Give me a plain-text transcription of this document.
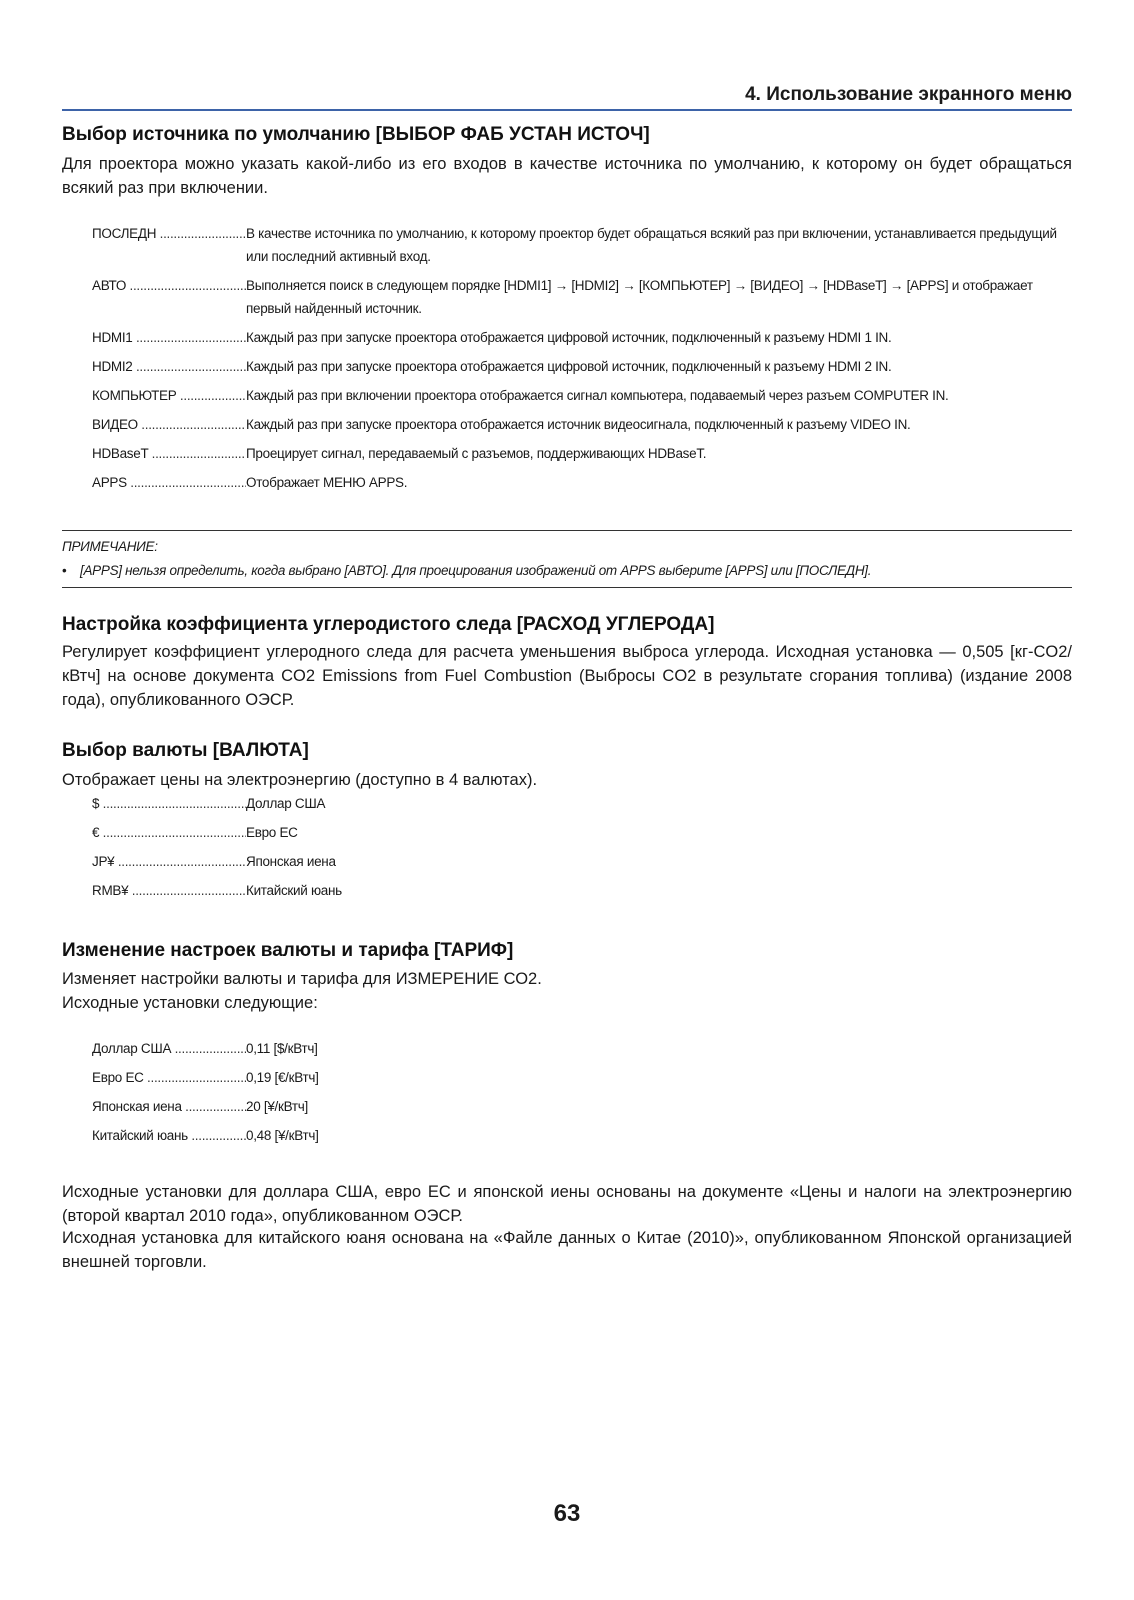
4. Использование экранного меню
Выбор источника по умолчанию [ВЫБОР ФАБ УСТАН ИСТОЧ]

Для проектора можно указать какой-либо из его входов в качестве источника по умолчанию, к которому он будет обращаться всякий раз при включении.

ПОСЛЕДН .....	В качестве источника по умолчанию, к которому проектор будет обращаться всякий раз при включении, устанавливается предыдущий или последний активный вход.
АВТО .....	Выполняется поиск в следующем порядке [HDMI1] → [HDMI2] → [КОМПЬЮТЕР] → [ВИДЕО] → [HDBaseT] → [APPS] и отображает первый найденный источник.
HDMI1 .....	Каждый раз при запуске проектора отображается цифровой источник, подключенный к разъему HDMI 1 IN.
HDMI2 .....	Каждый раз при запуске проектора отображается цифровой источник, подключенный к разъему HDMI 2 IN.
КОМПЬЮТЕР .....	Каждый раз при включении проектора отображается сигнал компьютера, подаваемый через разъем COMPUTER IN.
ВИДЕО .....	Каждый раз при запуске проектора отображается источник видеосигнала, подключенный к разъему VIDEO IN.
HDBaseT .....	Проецирует сигнал, передаваемый с разъемов, поддерживающих HDBaseT.
APPS .....	Отображает МЕНЮ APPS.
ПРИМЕЧАНИЕ:
•	[APPS] нельзя определить, когда выбрано [АВТО]. Для проецирования изображений от APPS выберите [APPS] или [ПОСЛЕДН].
Настройка коэффициента углеродистого следа [РАСХОД УГЛЕРОДА]

Регулирует коэффициент углеродного следа для расчета уменьшения выброса углерода. Исходная установка — 0,505 [кг-CO2/кВтч] на основе документа CO2 Emissions from Fuel Combustion (Выбросы CO2 в результате сгорания топлива) (издание 2008 года), опубликованного ОЭСР.

Выбор валюты [ВАЛЮТА]

Отображает цены на электроэнергию (доступно в 4 валютах).

$ .....	Доллар США
€ .....	Евро ЕС
JP¥ .....	Японская иена
RMB¥ .....	Китайский юань
Изменение настроек валюты и тарифа [ТАРИФ]

Изменяет настройки валюты и тарифа для ИЗМЕРЕНИЕ СО2.

Исходные установки следующие:

Доллар США .....	0,11 [$/кВтч]
Евро ЕС .....	0,19 [€/кВтч]
Японская иена .....	20 [¥/кВтч]
Китайский юань .....	0,48 [¥/кВтч]

Исходные установки для доллара США, евро ЕС и японской иены основаны на документе «Цены и налоги на электроэнергию (второй квартал 2010 года», опубликованном ОЭСР.

Исходная установка для китайского юаня основана на «Файле данных о Китае (2010)», опубликованном Японской организацией внешней торговли.

63
